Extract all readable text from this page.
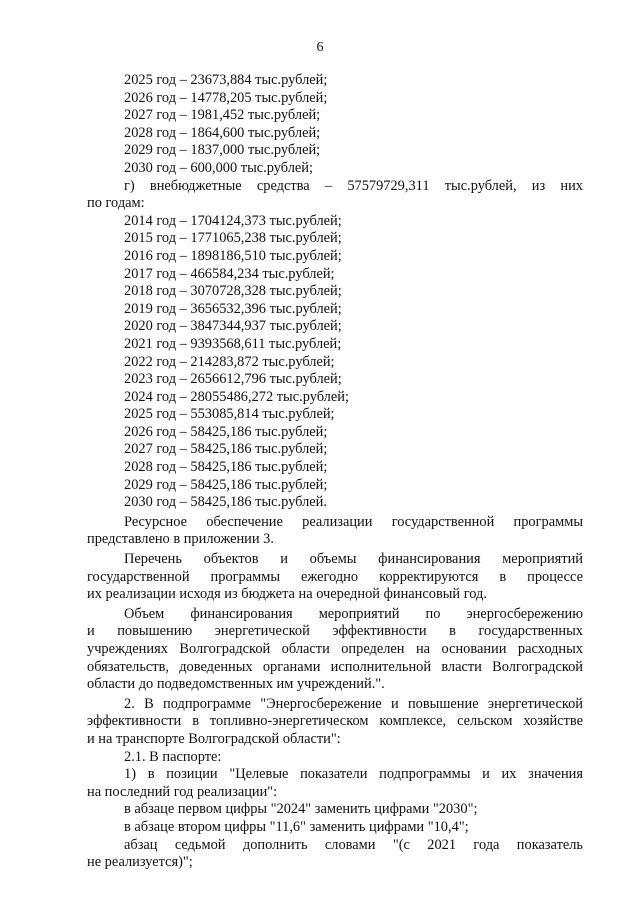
6
2025 год – 23673,884 тыс.рублей;
2026 год – 14778,205 тыс.рублей;
2027 год – 1981,452 тыс.рублей;
2028 год – 1864,600 тыс.рублей;
2029 год – 1837,000 тыс.рублей;
2030 год – 600,000 тыс.рублей;
г) внебюджетные средства – 57579729,311 тыс.рублей, из них
по годам:
2014 год – 1704124,373 тыс.рублей;
2015 год – 1771065,238 тыс.рублей;
2016 год – 1898186,510 тыс.рублей;
2017 год – 466584,234 тыс.рублей;
2018 год – 3070728,328 тыс.рублей;
2019 год – 3656532,396 тыс.рублей;
2020 год – 3847344,937 тыс.рублей;
2021 год – 9393568,611 тыс.рублей;
2022 год – 214283,872 тыс.рублей;
2023 год – 2656612,796 тыс.рублей;
2024 год – 28055486,272 тыс.рублей;
2025 год – 553085,814 тыс.рублей;
2026 год – 58425,186 тыс.рублей;
2027 год – 58425,186 тыс.рублей;
2028 год – 58425,186 тыс.рублей;
2029 год – 58425,186 тыс.рублей;
2030 год – 58425,186 тыс.рублей.
Ресурсное обеспечение реализации государственной программы
представлено в приложении 3.
Перечень объектов и объемы финансирования мероприятий
государственной программы ежегодно корректируются в процессе
их реализации исходя из бюджета на очередной финансовый год.
Объем финансирования мероприятий по энергосбережению
и повышению энергетической эффективности в государственных
учреждениях Волгоградской области определен на основании расходных
обязательств, доведенных органами исполнительной власти Волгоградской
области до подведомственных им учреждений.".
2. В подпрограмме "Энергосбережение и повышение энергетической
эффективности в топливно-энергетическом комплексе, сельском хозяйстве
и на транспорте Волгоградской области":
2.1. В паспорте:
1) в позиции "Целевые показатели подпрограммы и их значения
на последний год реализации":
в абзаце первом цифры "2024" заменить цифрами "2030";
в абзаце втором цифры "11,6" заменить цифрами "10,4";
абзац седьмой дополнить словами "(с 2021 года показатель
не реализуется)";
